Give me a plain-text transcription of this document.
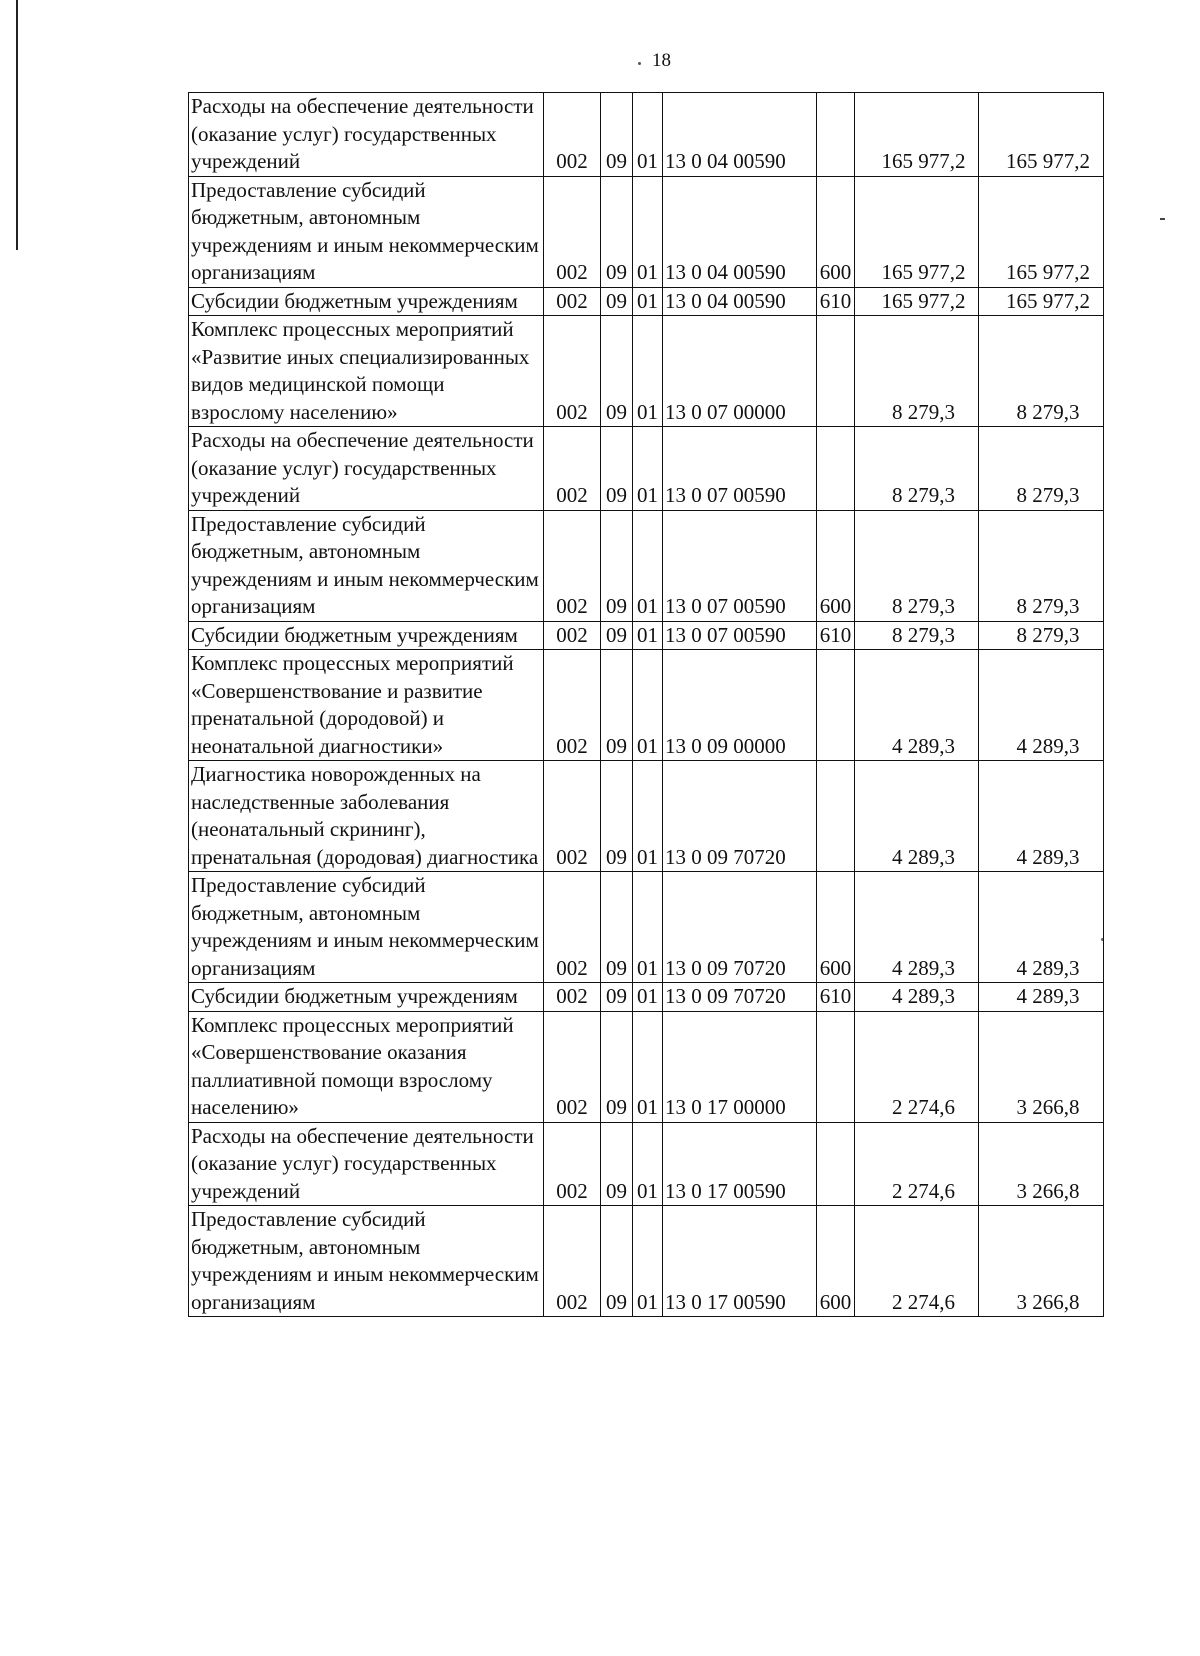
18
Расходы на обеспечение деятельности (оказание услуг) государственных учреждений	002	09	01	13 0 04 00590		165 977,2	165 977,2
Предоставление субсидий бюджетным, автономным учреждениям и иным некоммерческим организациям	002	09	01	13 0 04 00590	600	165 977,2	165 977,2
Субсидии бюджетным учреждениям	002	09	01	13 0 04 00590	610	165 977,2	165 977,2
Комплекс процессных мероприятий «Развитие иных специализированных видов медицинской помощи взрослому населению»	002	09	01	13 0 07 00000		8 279,3	8 279,3
Расходы на обеспечение деятельности (оказание услуг) государственных учреждений	002	09	01	13 0 07 00590		8 279,3	8 279,3
Предоставление субсидий бюджетным, автономным учреждениям и иным некоммерческим организациям	002	09	01	13 0 07 00590	600	8 279,3	8 279,3
Субсидии бюджетным учреждениям	002	09	01	13 0 07 00590	610	8 279,3	8 279,3
Комплекс процессных мероприятий «Совершенствование и развитие пренатальной (дородовой) и неонатальной диагностики»	002	09	01	13 0 09 00000		4 289,3	4 289,3
Диагностика новорожденных на наследственные заболевания (неонатальный скрининг), пренатальная (дородовая) диагностика	002	09	01	13 0 09 70720		4 289,3	4 289,3
Предоставление субсидий бюджетным, автономным учреждениям и иным некоммерческим организациям	002	09	01	13 0 09 70720	600	4 289,3	4 289,3
Субсидии бюджетным учреждениям	002	09	01	13 0 09 70720	610	4 289,3	4 289,3
Комплекс процессных мероприятий «Совершенствование оказания паллиативной помощи взрослому населению»	002	09	01	13 0 17 00000		2 274,6	3 266,8
Расходы на обеспечение деятельности (оказание услуг) государственных учреждений	002	09	01	13 0 17 00590		2 274,6	3 266,8
Предоставление субсидий бюджетным, автономным учреждениям и иным некоммерческим организациям	002	09	01	13 0 17 00590	600	2 274,6	3 266,8
